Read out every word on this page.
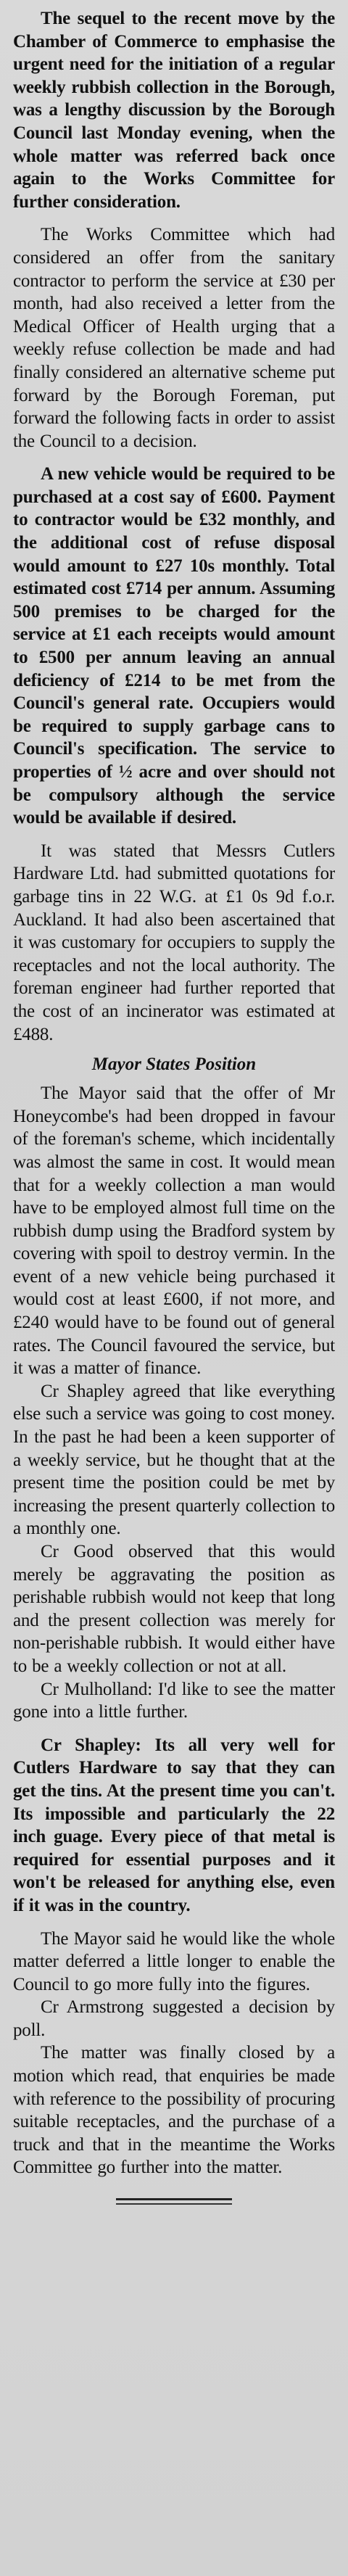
The sequel to the recent move by the Chamber of Commerce to emphasise the urgent need for the initiation of a regular weekly rubbish collection in the Borough, was a lengthy discussion by the Borough Council last Monday evening, when the whole matter was referred back once again to the Works Committee for further consideration.

The Works Committee which had considered an offer from the sanitary contractor to perform the service at £30 per month, had also received a letter from the Medical Officer of Health urging that a weekly refuse collection be made and had finally considered an alternative scheme put forward by the Borough Foreman, put forward the following facts in order to assist the Council to a decision.

A new vehicle would be required to be purchased at a cost say of £600. Payment to contractor would be £32 monthly, and the additional cost of refuse disposal would amount to £27 10s monthly. Total estimated cost £714 per annum. Assuming 500 premises to be charged for the service at £1 each receipts would amount to £500 per annum leaving an annual deficiency of £214 to be met from the Council's general rate. Occupiers would be required to supply garbage cans to Council's specification. The service to properties of ½ acre and over should not be compulsory although the service would be available if desired.

It was stated that Messrs Cutlers Hardware Ltd. had submitted quotations for garbage tins in 22 W.G. at £1 0s 9d f.o.r. Auckland. It had also been ascertained that it was customary for occupiers to supply the receptacles and not the local authority. The foreman engineer had further reported that the cost of an incinerator was estimated at £488.

Mayor States Position

The Mayor said that the offer of Mr Honeycombe's had been dropped in favour of the foreman's scheme, which incidentally was almost the same in cost. It would mean that for a weekly collection a man would have to be employed almost full time on the rubbish dump using the Bradford system by covering with spoil to destroy vermin. In the event of a new vehicle being purchased it would cost at least £600, if not more, and £240 would have to be found out of general rates. The Council favoured the service, but it was a matter of finance.

Cr Shapley agreed that like everything else such a service was going to cost money. In the past he had been a keen supporter of a weekly service, but he thought that at the present time the position could be met by increasing the present quarterly collection to a monthly one.

Cr Good observed that this would merely be aggravating the position as perishable rubbish would not keep that long and the present collection was merely for non-perishable rubbish. It would either have to be a weekly collection or not at all.

Cr Mulholland: I'd like to see the matter gone into a little further.

Cr Shapley: Its all very well for Cutlers Hardware to say that they can get the tins. At the present time you can't. Its impossible and particularly the 22 inch guage. Every piece of that metal is required for essential purposes and it won't be released for anything else, even if it was in the country.

The Mayor said he would like the whole matter deferred a little longer to enable the Council to go more fully into the figures.

Cr Armstrong suggested a decision by poll.

The matter was finally closed by a motion which read, that enquiries be made with reference to the possibility of procuring suitable receptacles, and the purchase of a truck and that in the meantime the Works Committee go further into the matter.
